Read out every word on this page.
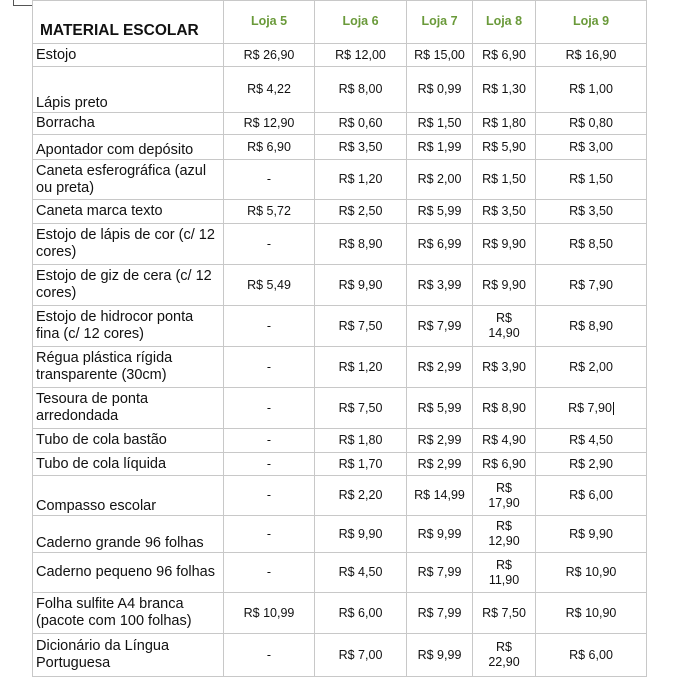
MATERIAL ESCOLAR	Loja 5	Loja 6	Loja 7	Loja 8	Loja 9
Estojo	R$ 26,90	R$ 12,00	R$ 15,00	R$ 6,90	R$ 16,90
Lápis preto	R$ 4,22	R$ 8,00	R$ 0,99	R$ 1,30	R$ 1,00
Borracha	R$ 12,90	R$ 0,60	R$ 1,50	R$ 1,80	R$ 0,80
Apontador com depósito	R$ 6,90	R$ 3,50	R$ 1,99	R$ 5,90	R$ 3,00
Caneta esferográfica (azul ou preta)	-	R$ 1,20	R$ 2,00	R$ 1,50	R$ 1,50
Caneta marca texto	R$ 5,72	R$ 2,50	R$ 5,99	R$ 3,50	R$ 3,50
Estojo de lápis de cor (c/ 12 cores)	-	R$ 8,90	R$ 6,99	R$ 9,90	R$ 8,50
Estojo de giz de cera (c/ 12 cores)	R$ 5,49	R$ 9,90	R$ 3,99	R$ 9,90	R$ 7,90
Estojo de hidrocor ponta fina (c/ 12 cores)	-	R$ 7,50	R$ 7,99	R$ 14,90	R$ 8,90
Régua plástica rígida transparente (30cm)	-	R$ 1,20	R$ 2,99	R$ 3,90	R$ 2,00
Tesoura de ponta arredondada	-	R$ 7,50	R$ 5,99	R$ 8,90	R$ 7,90
Tubo de cola bastão	-	R$ 1,80	R$ 2,99	R$ 4,90	R$ 4,50
Tubo de cola líquida	-	R$ 1,70	R$ 2,99	R$ 6,90	R$ 2,90
Compasso escolar	-	R$ 2,20	R$ 14,99	R$ 17,90	R$ 6,00
Caderno grande 96 folhas	-	R$ 9,90	R$ 9,99	R$ 12,90	R$ 9,90
Caderno pequeno 96 folhas	-	R$ 4,50	R$ 7,99	R$ 11,90	R$ 10,90
Folha sulfite A4 branca (pacote com 100 folhas)	R$ 10,99	R$ 6,00	R$ 7,99	R$ 7,50	R$ 10,90
Dicionário da Língua Portuguesa	-	R$ 7,00	R$ 9,99	R$ 22,90	R$ 6,00
